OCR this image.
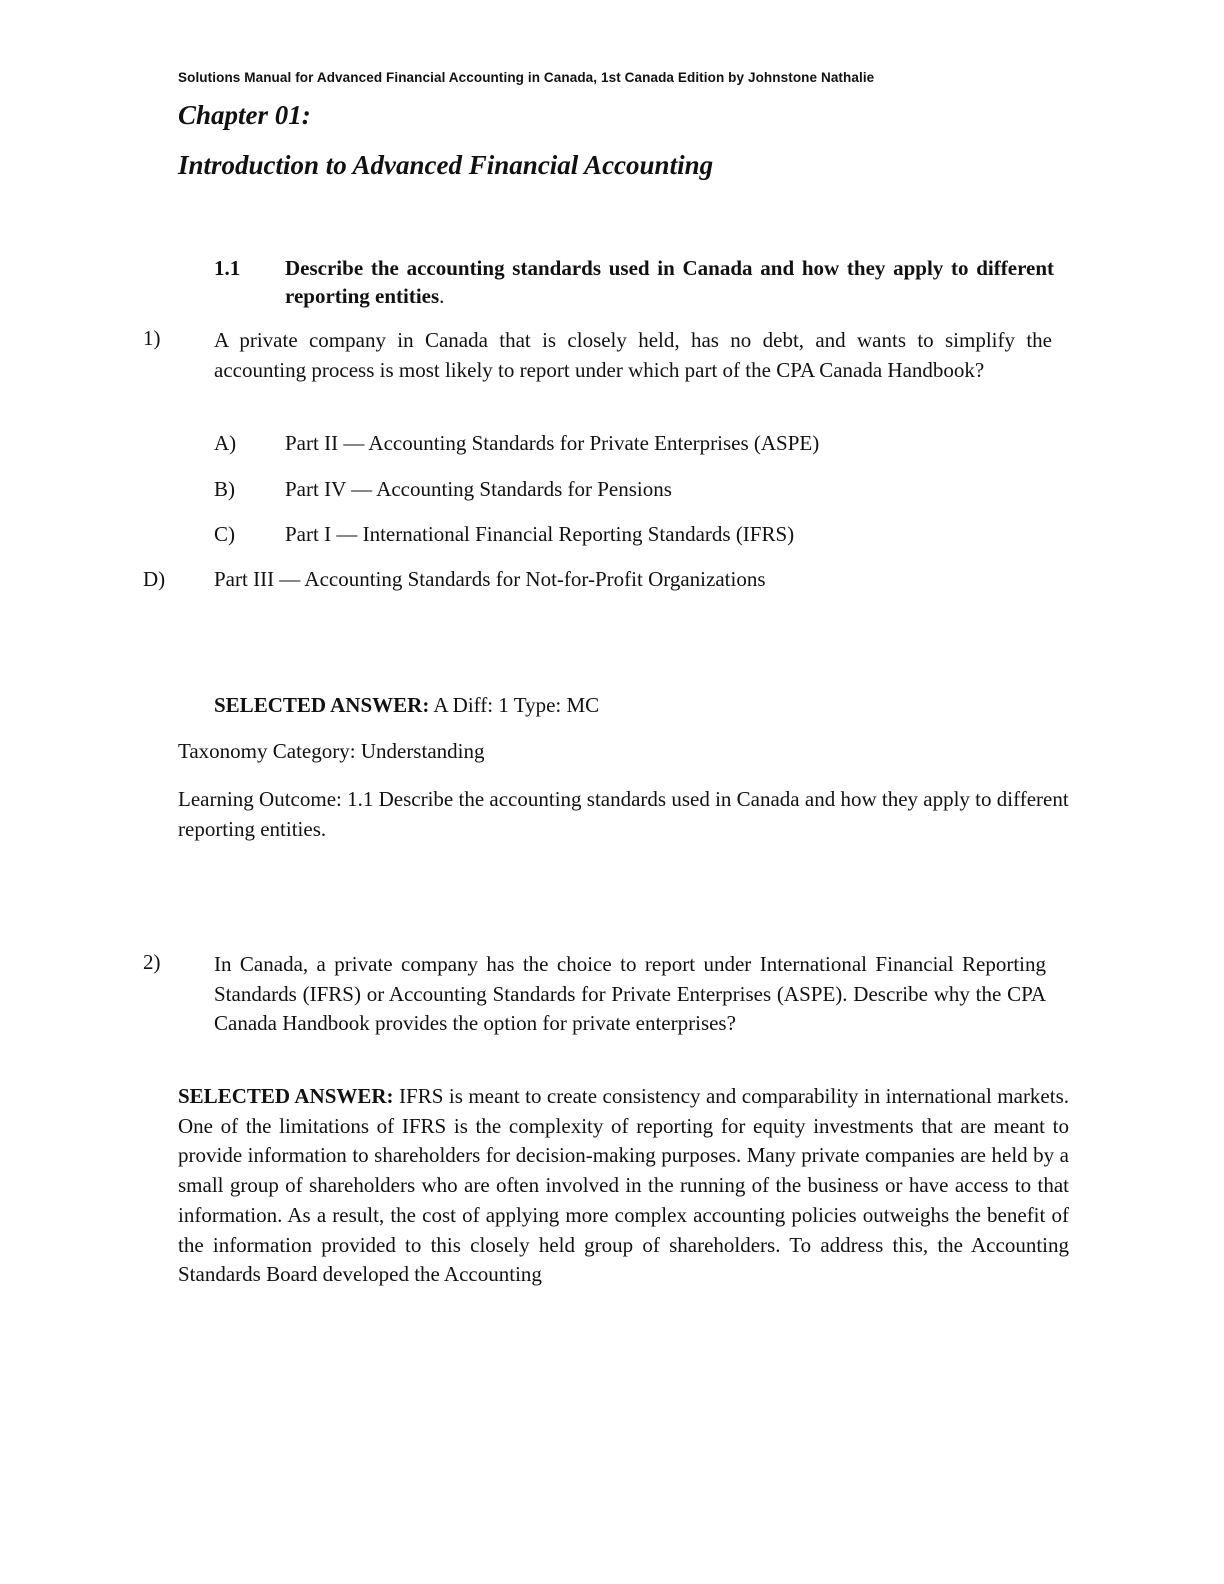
Solutions Manual for Advanced Financial Accounting in Canada, 1st Canada Edition by Johnstone Nathalie
Chapter 01:
Introduction to Advanced Financial Accounting
1.1 Describe the accounting standards used in Canada and how they apply to different reporting entities.
1)	A private company in Canada that is closely held, has no debt, and wants to simplify the accounting process is most likely to report under which part of the CPA Canada Handbook?
A) Part II — Accounting Standards for Private Enterprises (ASPE)
B) Part IV — Accounting Standards for Pensions
C) Part I — International Financial Reporting Standards (IFRS)
D) Part III — Accounting Standards for Not-for-Profit Organizations
SELECTED ANSWER: A Diff: 1 Type: MC
Taxonomy Category: Understanding
Learning Outcome: 1.1 Describe the accounting standards used in Canada and how they apply to different reporting entities.
2)	In Canada, a private company has the choice to report under International Financial Reporting Standards (IFRS) or Accounting Standards for Private Enterprises (ASPE). Describe why the CPA Canada Handbook provides the option for private enterprises?
SELECTED ANSWER: IFRS is meant to create consistency and comparability in international markets. One of the limitations of IFRS is the complexity of reporting for equity investments that are meant to provide information to shareholders for decision-making purposes. Many private companies are held by a small group of shareholders who are often involved in the running of the business or have access to that information. As a result, the cost of applying more complex accounting policies outweighs the benefit of the information provided to this closely held group of shareholders. To address this, the Accounting Standards Board developed the Accounting
